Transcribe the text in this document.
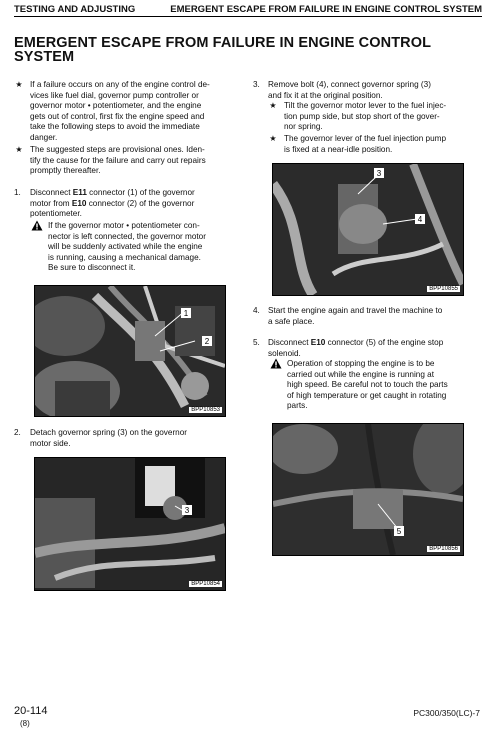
TESTING AND ADJUSTING	EMERGENT ESCAPE FROM FAILURE IN ENGINE CONTROL SYSTEM
EMERGENT ESCAPE FROM FAILURE IN ENGINE CONTROL
SYSTEM
★ If a failure occurs on any of the engine control de-
vices like fuel dial, governor pump controller or
governor motor • potentiometer, and the engine
gets out of control, first fix the engine speed and
take the following steps to avoid the immediate
danger.
★ The suggested steps are provisional ones. Iden-
tify the cause for the failure and carry out repairs
promptly thereafter.
1. Disconnect E11 connector (1) of the governor
motor from E10 connector (2) of the governor
potentiometer.
If the governor motor • potentiometer con-
nector is left connected, the governor motor
will be suddenly activated while the engine
is running, causing a mechanical damage.
Be sure to disconnect it.
1
2
BPP10853
2. Detach governor spring (3) on the governor
motor side.
3
BPP10854
3. Remove bolt (4), connect governor spring (3)
and fix it at the original position.
★ Tilt the governor motor lever to the fuel injec-
tion pump side, but stop short of the gover-
nor spring.
★ The governor lever of the fuel injection pump
is fixed at a near-idle position.
3
4
BPP10855
4. Start the engine again and travel the machine to
a safe place.
5. Disconnect E10 connector (5) of the engine stop
solenoid.
Operation of stopping the engine is to be
carried out while the engine is running at
high speed. Be careful not to touch the parts
of high temperature or get caught in rotating
parts.
5
BPP10856
20-114
(8)
PC300/350(LC)-7
